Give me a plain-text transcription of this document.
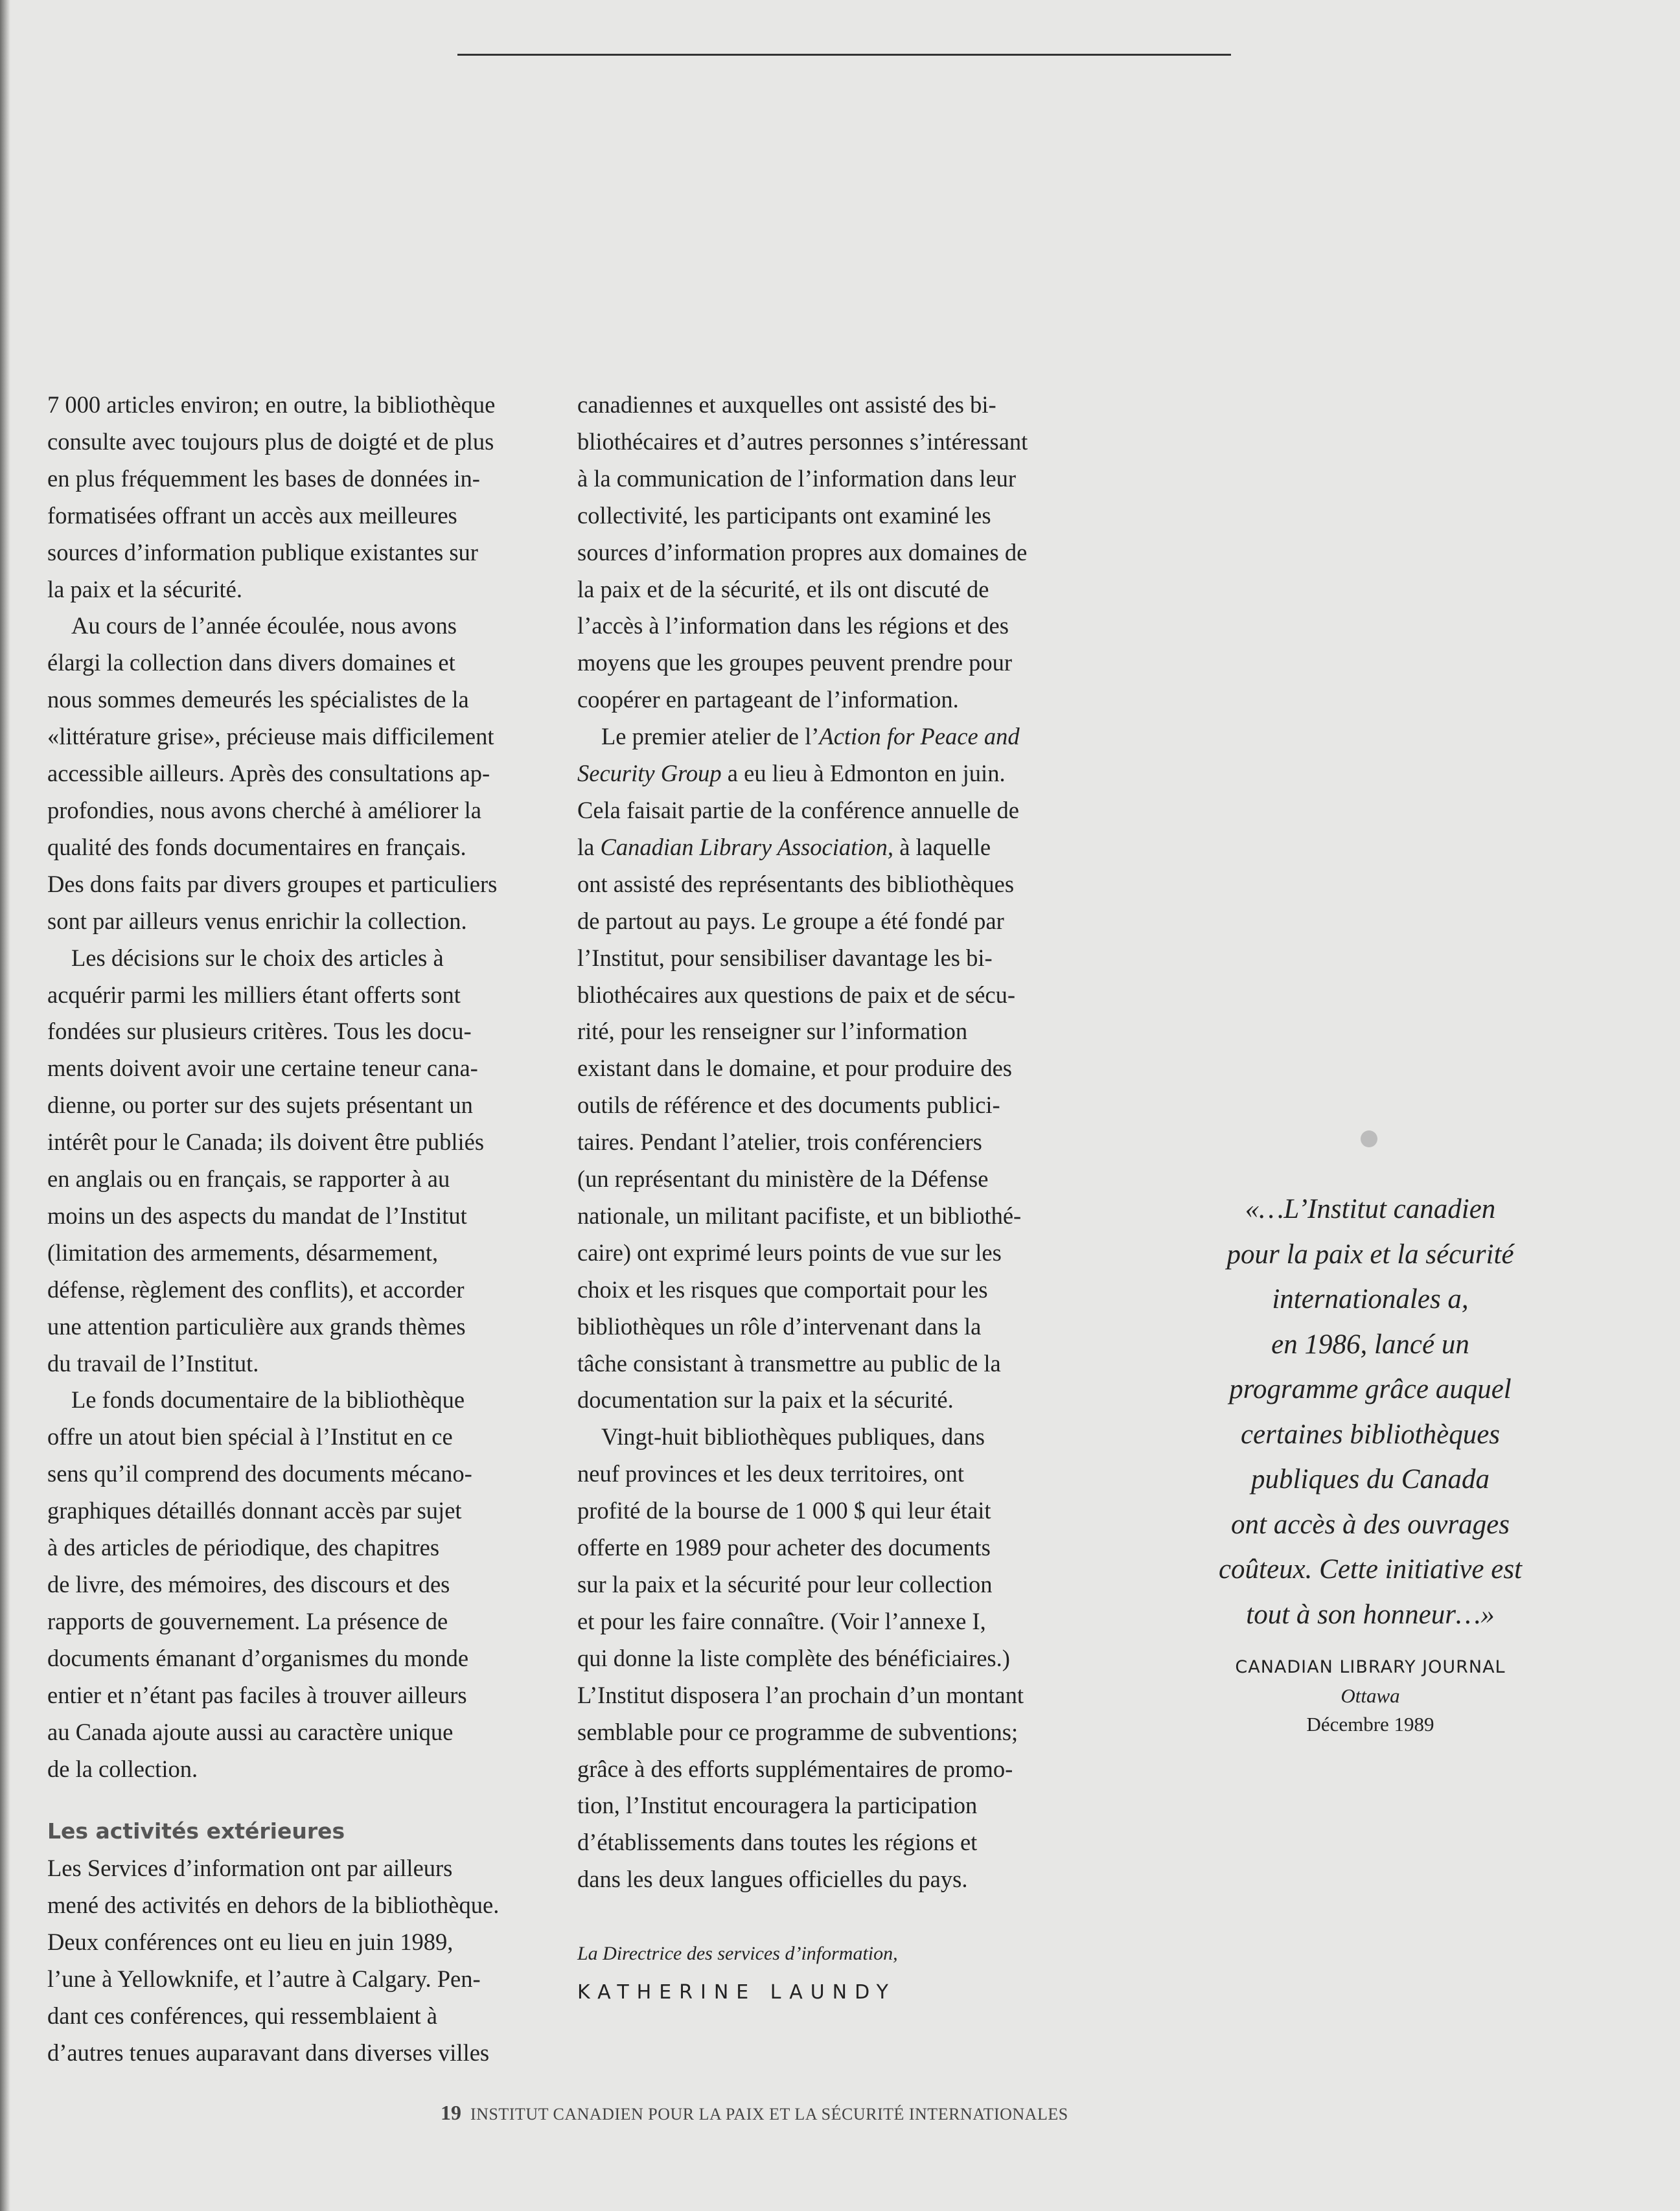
7 000 articles environ; en outre, la bibliothèque
consulte avec toujours plus de doigté et de plus
en plus fréquemment les bases de données in-
formatisées offrant un accès aux meilleures
sources d’information publique existantes sur
la paix et la sécurité.

Au cours de l’année écoulée, nous avons
élargi la collection dans divers domaines et
nous sommes demeurés les spécialistes de la
«littérature grise», précieuse mais difficilement
accessible ailleurs. Après des consultations ap-
profondies, nous avons cherché à améliorer la
qualité des fonds documentaires en français.
Des dons faits par divers groupes et particuliers
sont par ailleurs venus enrichir la collection.

Les décisions sur le choix des articles à
acquérir parmi les milliers étant offerts sont
fondées sur plusieurs critères. Tous les docu-
ments doivent avoir une certaine teneur cana-
dienne, ou porter sur des sujets présentant un
intérêt pour le Canada; ils doivent être publiés
en anglais ou en français, se rapporter à au
moins un des aspects du mandat de l’Institut
(limitation des armements, désarmement,
défense, règlement des conflits), et accorder
une attention particulière aux grands thèmes
du travail de l’Institut.

Le fonds documentaire de la bibliothèque
offre un atout bien spécial à l’Institut en ce
sens qu’il comprend des documents mécano-
graphiques détaillés donnant accès par sujet
à des articles de périodique, des chapitres
de livre, des mémoires, des discours et des
rapports de gouvernement. La présence de
documents émanant d’organismes du monde
entier et n’étant pas faciles à trouver ailleurs
au Canada ajoute aussi au caractère unique
de la collection.

Les activités extérieures

Les Services d’information ont par ailleurs
mené des activités en dehors de la bibliothèque.
Deux conférences ont eu lieu en juin 1989,
l’une à Yellowknife, et l’autre à Calgary. Pen-
dant ces conférences, qui ressemblaient à
d’autres tenues auparavant dans diverses villes

canadiennes et auxquelles ont assisté des bi-
bliothécaires et d’autres personnes s’intéressant
à la communication de l’information dans leur
collectivité, les participants ont examiné les
sources d’information propres aux domaines de
la paix et de la sécurité, et ils ont discuté de
l’accès à l’information dans les régions et des
moyens que les groupes peuvent prendre pour
coopérer en partageant de l’information.

Le premier atelier de l’Action for Peace and
Security Group a eu lieu à Edmonton en juin.
Cela faisait partie de la conférence annuelle de
la Canadian Library Association, à laquelle
ont assisté des représentants des bibliothèques
de partout au pays. Le groupe a été fondé par
l’Institut, pour sensibiliser davantage les bi-
bliothécaires aux questions de paix et de sécu-
rité, pour les renseigner sur l’information
existant dans le domaine, et pour produire des
outils de référence et des documents publici-
taires. Pendant l’atelier, trois conférenciers
(un représentant du ministère de la Défense
nationale, un militant pacifiste, et un bibliothé-
caire) ont exprimé leurs points de vue sur les
choix et les risques que comportait pour les
bibliothèques un rôle d’intervenant dans la
tâche consistant à transmettre au public de la
documentation sur la paix et la sécurité.

Vingt-huit bibliothèques publiques, dans
neuf provinces et les deux territoires, ont
profité de la bourse de 1 000 $ qui leur était
offerte en 1989 pour acheter des documents
sur la paix et la sécurité pour leur collection
et pour les faire connaître. (Voir l’annexe I,
qui donne la liste complète des bénéficiaires.)
L’Institut disposera l’an prochain d’un montant
semblable pour ce programme de subventions;
grâce à des efforts supplémentaires de promo-
tion, l’Institut encouragera la participation
d’établissements dans toutes les régions et
dans les deux langues officielles du pays.

La Directrice des services d’information,
KATHERINE LAUNDY
«…L’Institut canadien
pour la paix et la sécurité
internationales a,
en 1986, lancé un
programme grâce auquel
certaines bibliothèques
publiques du Canada
ont accès à des ouvrages
coûteux. Cette initiative est
tout à son honneur…»
CANADIAN LIBRARY JOURNAL
Ottawa
Décembre 1989
19 INSTITUT CANADIEN POUR LA PAIX ET LA SÉCURITÉ INTERNATIONALES
